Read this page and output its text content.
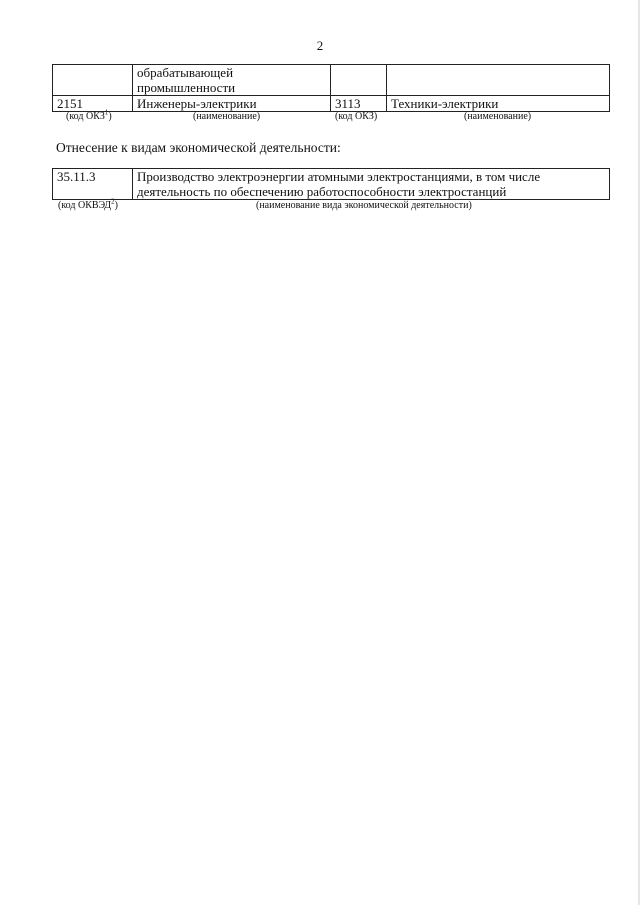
2

	обрабатывающей
промышленности		

2151	Инженеры-электрики	3113	Техники-электрики
(код ОКЗ$^1$)	(наименование)	(код ОКЗ)	(наименование)
Отнесение к видам экономической деятельности:
35.11.3	Производство электроэнергии атомными электростанциями, в том числе
деятельность по обеспечению работоспособности электростанций
(код ОКВЭД$^2$)	(наименование вида экономической деятельности)
